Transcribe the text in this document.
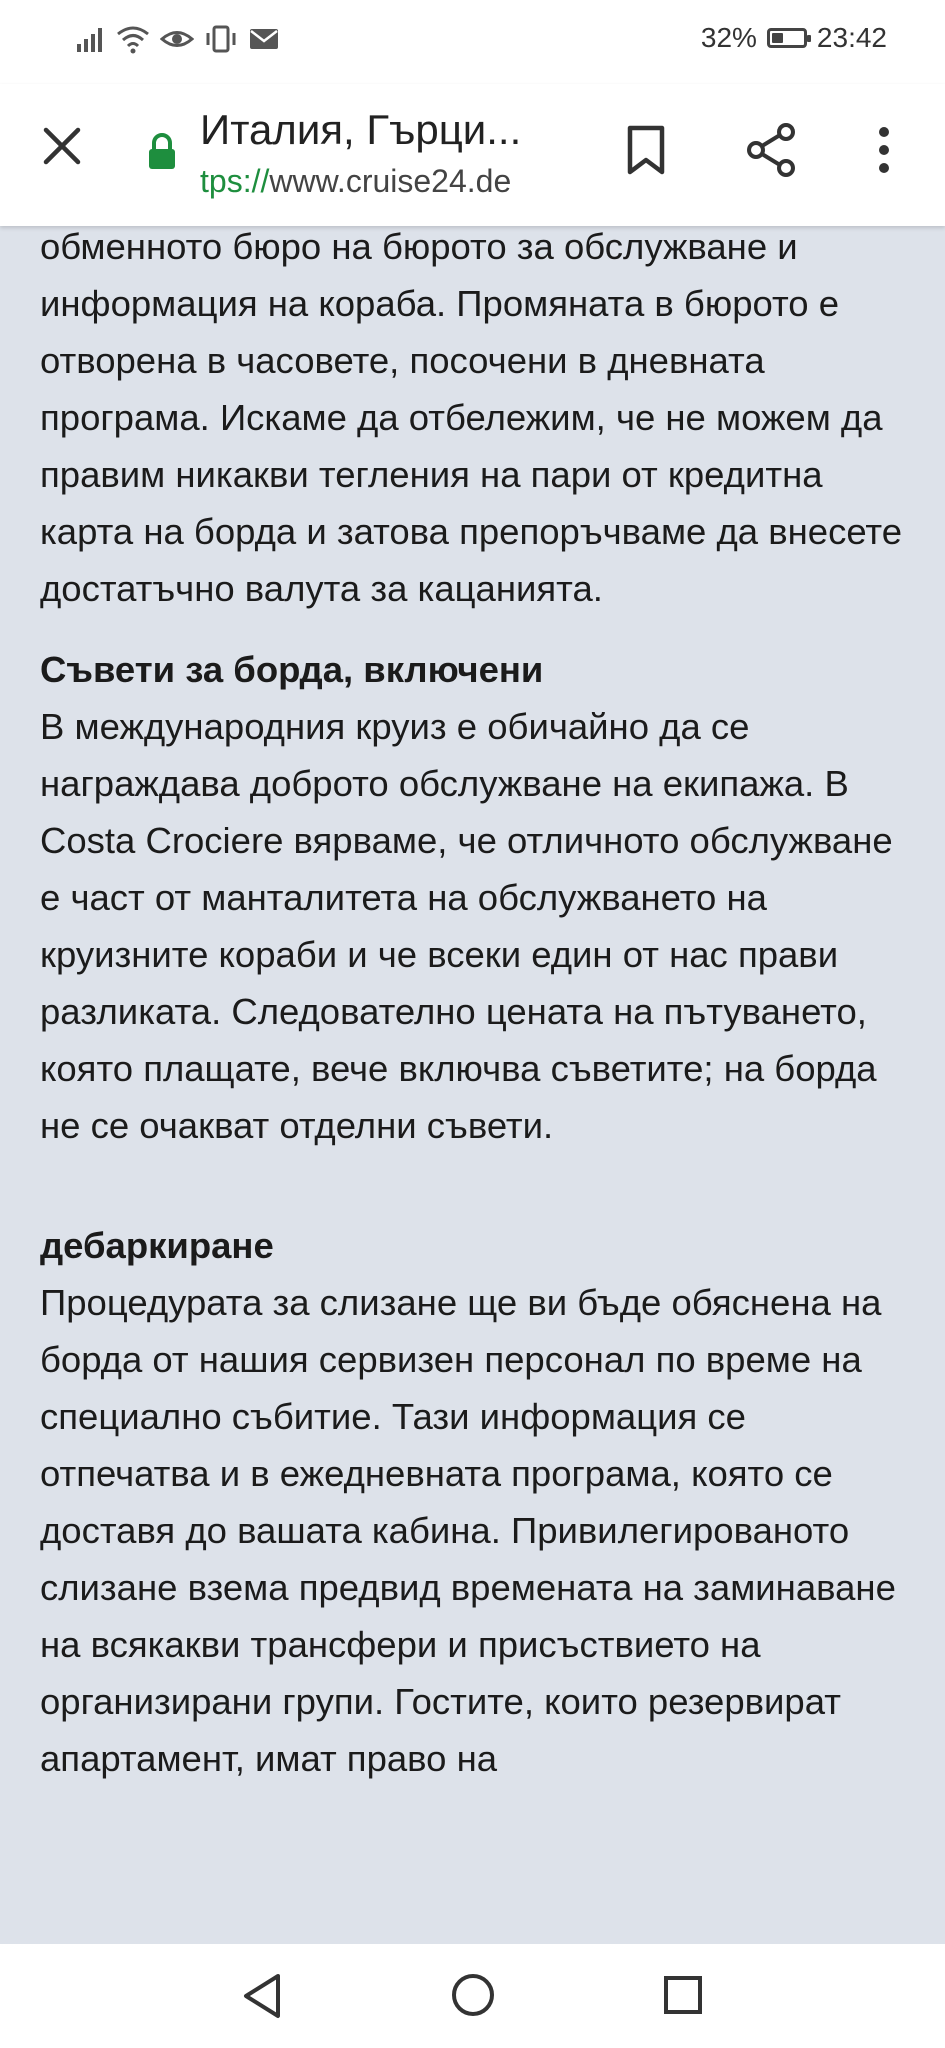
32% 23:42
Италия, Гърци...
tps://www.cruise24.de

обменното бюро на бюрото за обслужване и информация на кораба. Промяната в бюрото е отворена в часовете, посочени в дневната програма. Искаме да отбележим, че не можем да правим никакви тегления на пари от кредитна карта на борда и затова препоръчваме да внесете достатъчно валута за кацанията.

Съвети за борда, включени

В международния круиз е обичайно да се награждава доброто обслужване на екипажа. В Costa Crociere вярваме, че отличното обслужване е част от манталитета на обслужването на круизните кораби и че всеки един от нас прави разликата. Следователно цената на пътуването, която плащате, вече включва съветите; на борда не се очакват отделни съвети.

дебаркиране

Процедурата за слизане ще ви бъде обяснена на борда от нашия сервизен персонал по време на специално събитие. Тази информация се отпечатва и в ежедневната програма, която се доставя до вашата кабина. Привилегированото слизане взема предвид времената на заминаване на всякакви трансфери и присъствието на организирани групи. Гостите, които резервират апартамент, имат право на
